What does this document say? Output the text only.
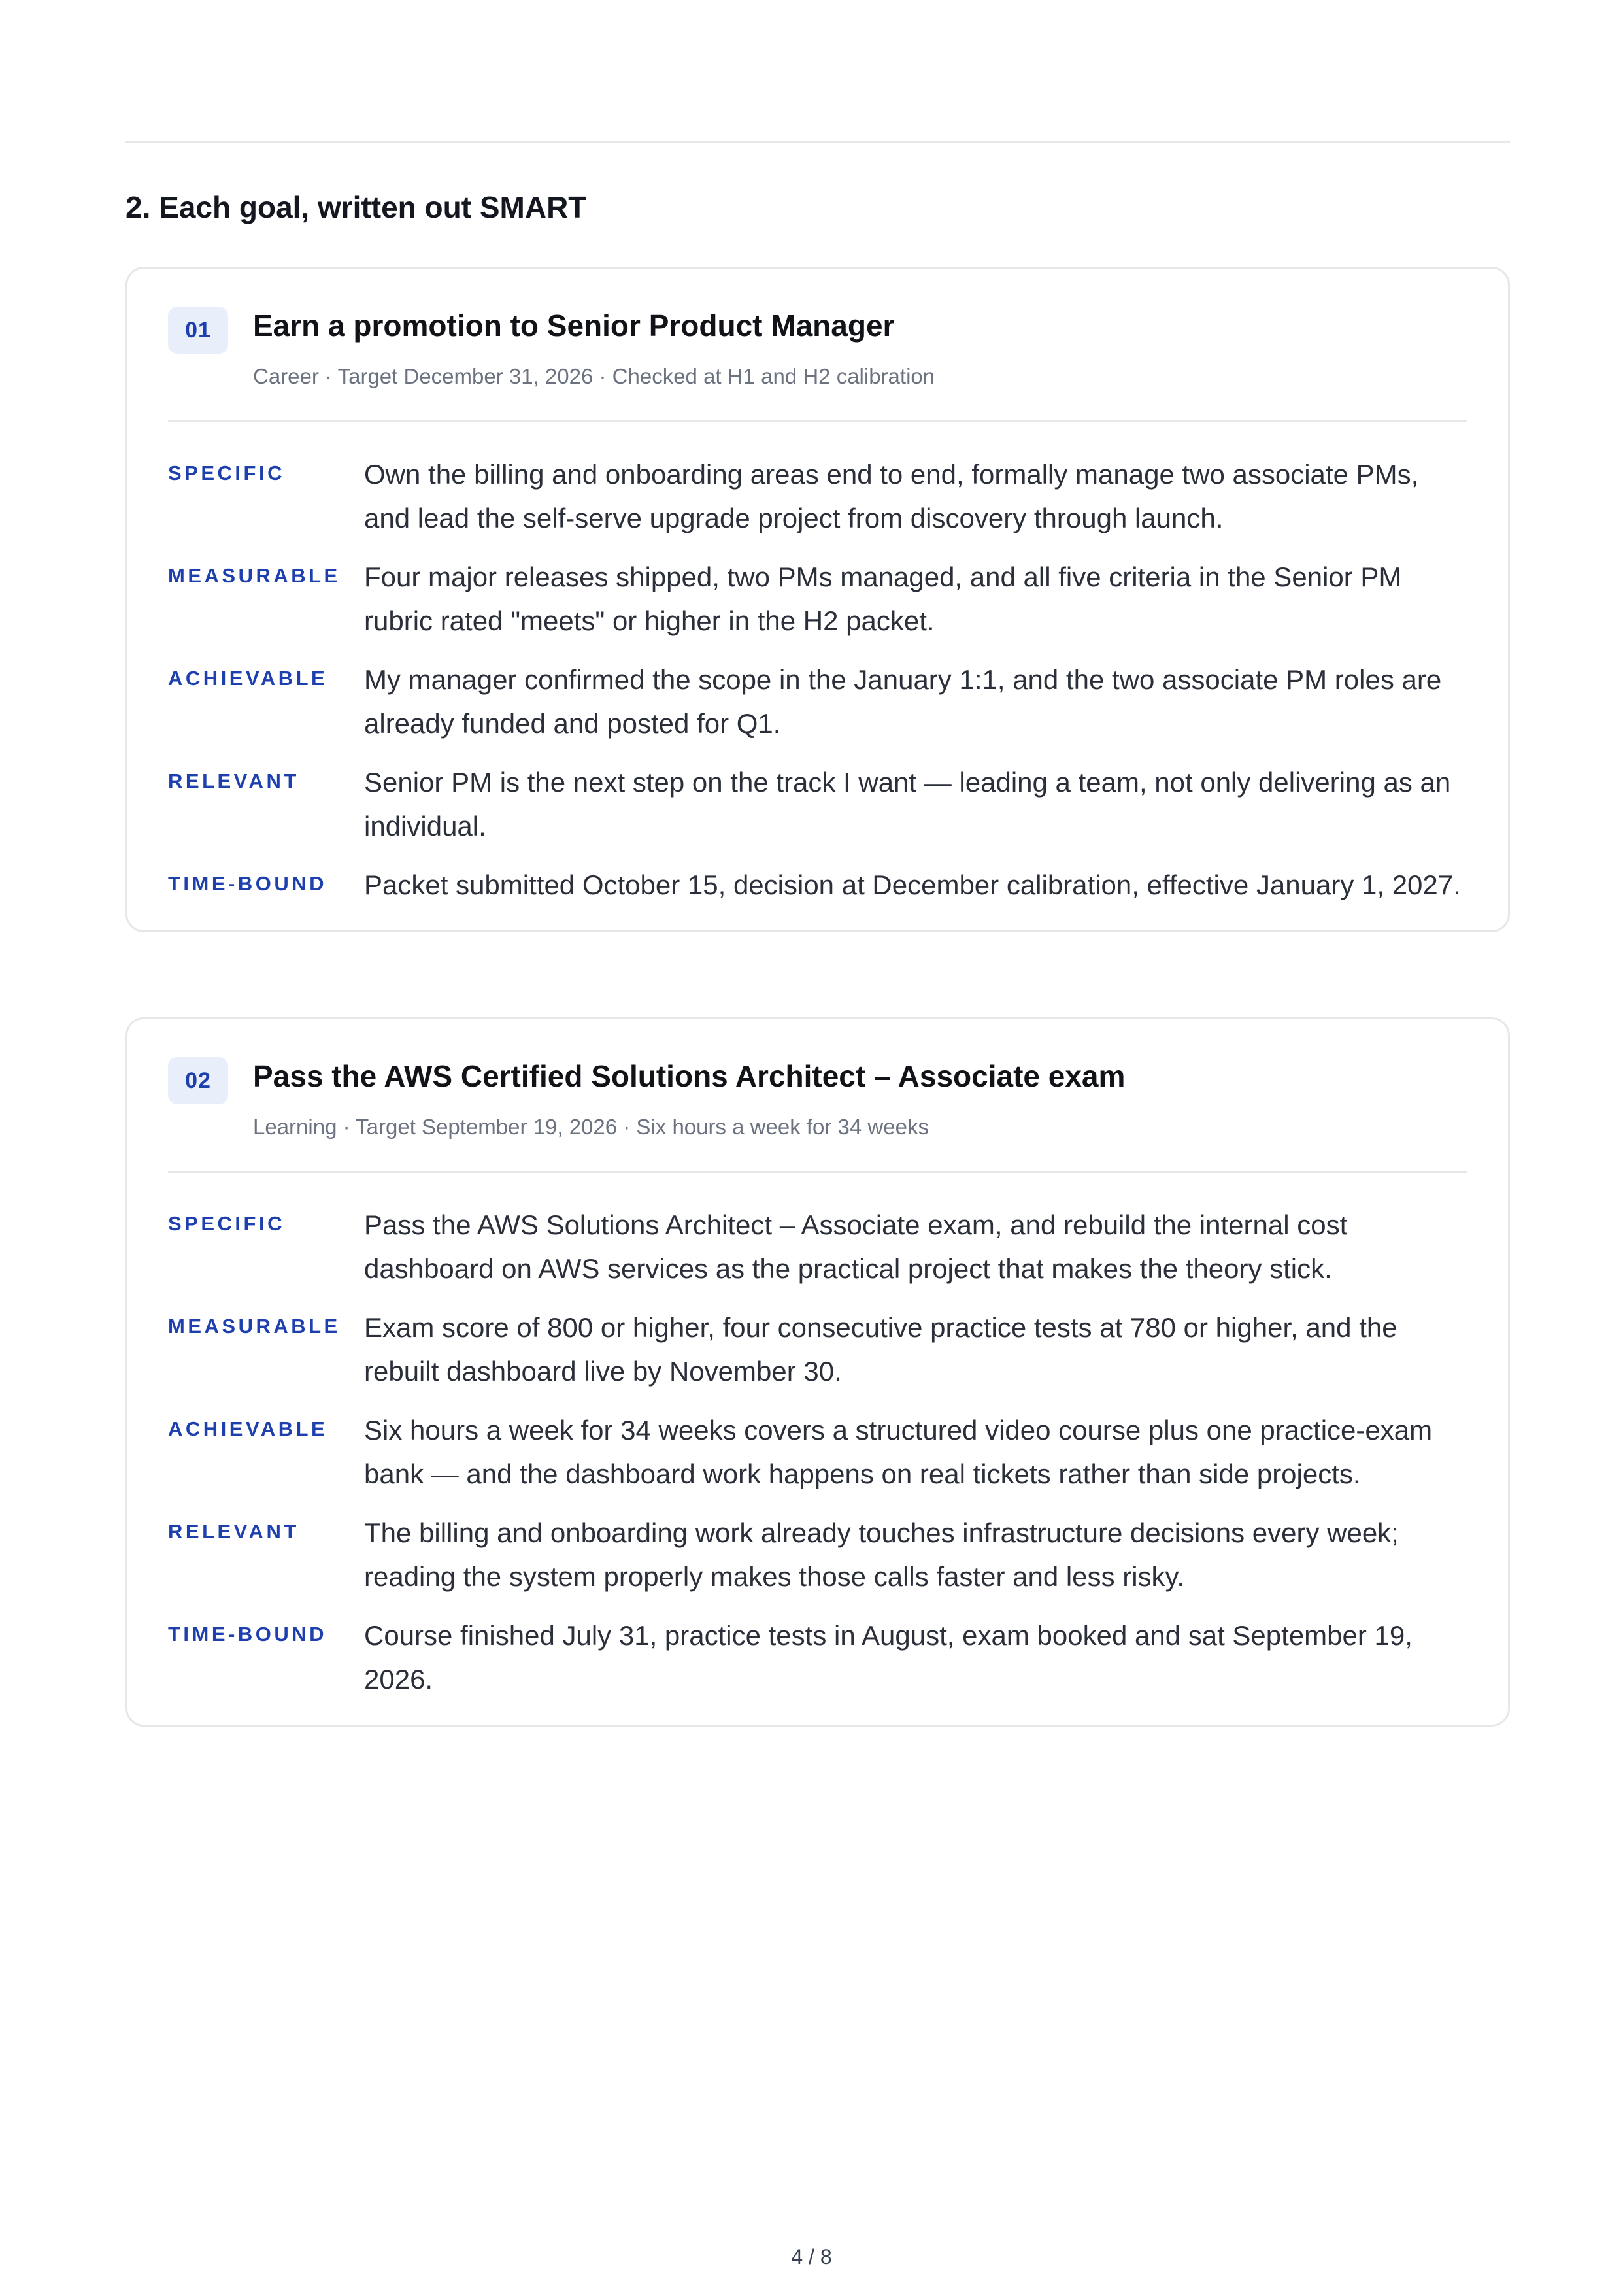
2. Each goal, written out SMART
01	Earn a promotion to Senior Product Manager
Career · Target December 31, 2026 · Checked at H1 and H2 calibration
SPECIFIC	Own the billing and onboarding areas end to end, formally manage two associate PMs, and lead the self-serve upgrade project from discovery through launch.
MEASURABLE Four major releases shipped, two PMs managed, and all five criteria in the Senior PM rubric rated "meets" or higher in the H2 packet.
ACHIEVABLE	My manager confirmed the scope in the January 1:1, and the two associate PM roles are already funded and posted for Q1.
RELEVANT	Senior PM is the next step on the track I want — leading a team, not only delivering as an individual.
TIME-BOUND	Packet submitted October 15, decision at December calibration, effective January 1, 2027.
02	Pass the AWS Certified Solutions Architect – Associate exam
Learning · Target September 19, 2026 · Six hours a week for 34 weeks
SPECIFIC	Pass the AWS Solutions Architect – Associate exam, and rebuild the internal cost dashboard on AWS services as the practical project that makes the theory stick.
MEASURABLE Exam score of 800 or higher, four consecutive practice tests at 780 or higher, and the rebuilt dashboard live by November 30.
ACHIEVABLE	Six hours a week for 34 weeks covers a structured video course plus one practice-exam bank — and the dashboard work happens on real tickets rather than side projects.
RELEVANT	The billing and onboarding work already touches infrastructure decisions every week; reading the system properly makes those calls faster and less risky.
TIME-BOUND	Course finished July 31, practice tests in August, exam booked and sat September 19, 2026.
4 / 8
